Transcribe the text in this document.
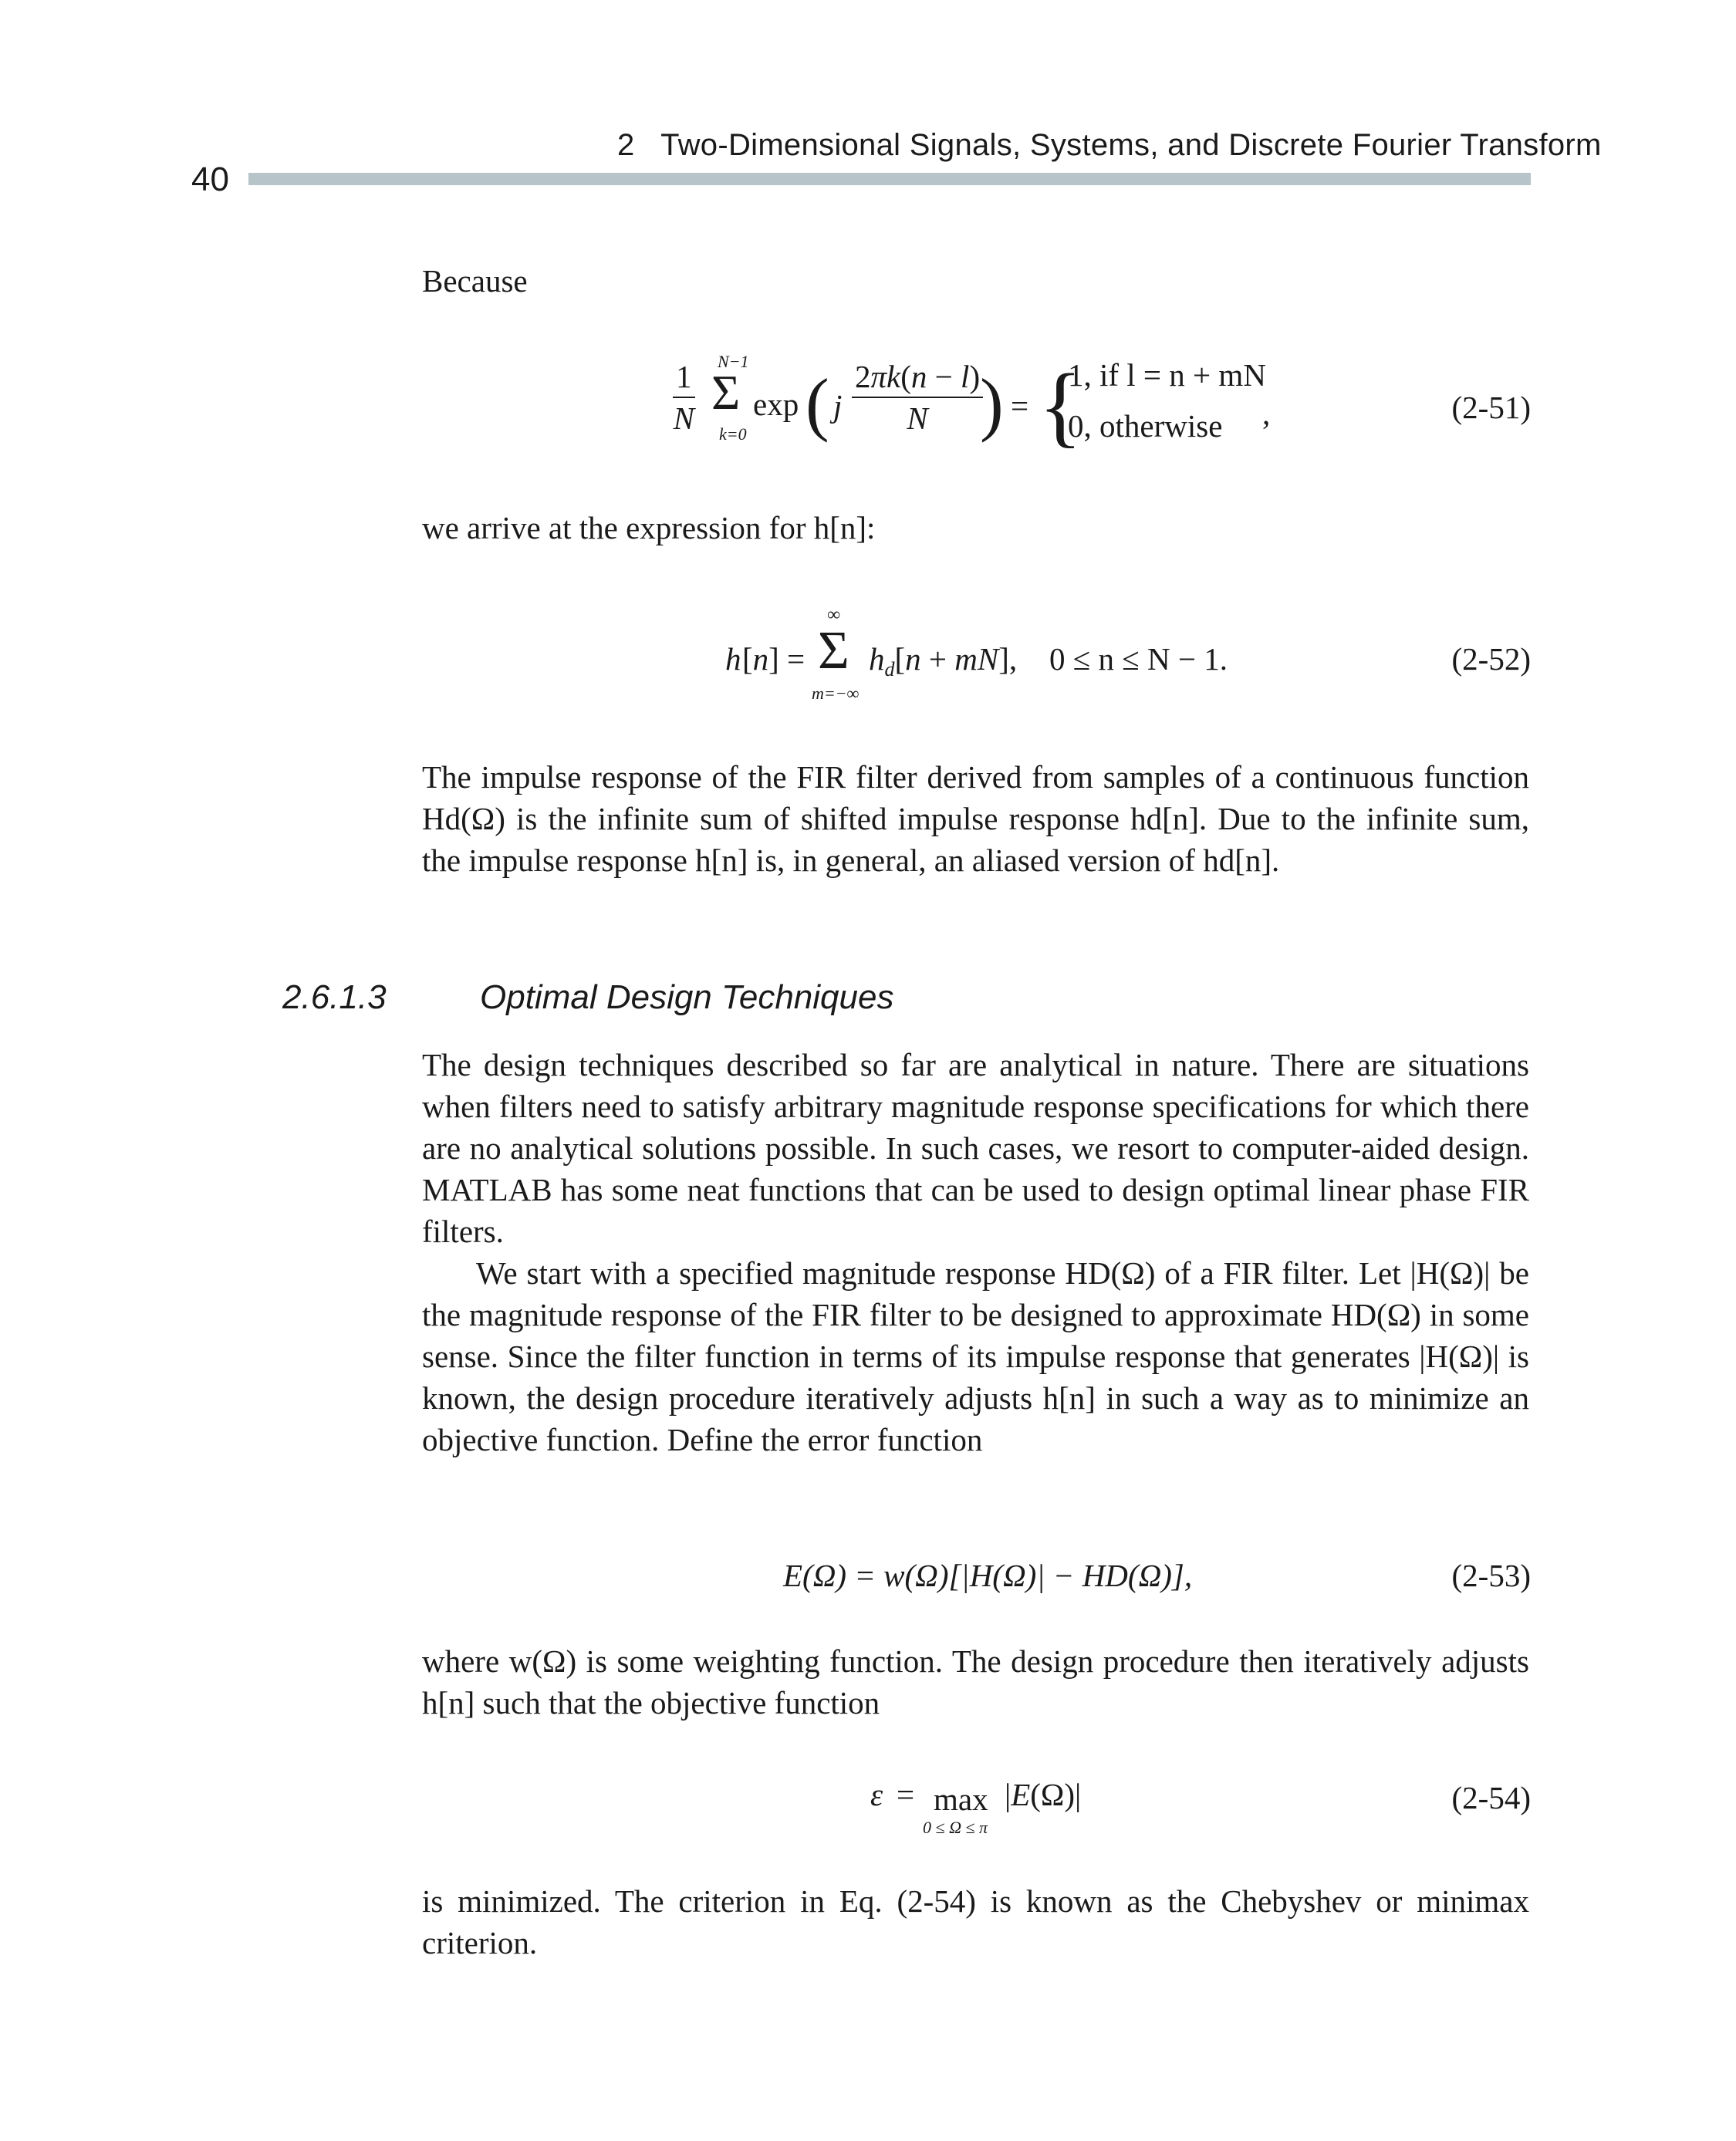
2   Two-Dimensional Signals, Systems, and Discrete Fourier Transform
40
Because
$\frac{1}{N} N-1$
Σ
k=0
exp ( j $\frac{2\pi k(n - l)}{N}$
) = {
1, if l = n + mN
0, otherwise ,	(2-51)
we arrive at the expression for h[n]:
h [n] =
∞
Σ
m=−∞
$h_d[n + mN]$, 0 ≤ n ≤ N − 1.	(2-52)
The impulse response of the FIR filter derived from samples of a continuous function Hd(Ω) is the infinite sum of shifted impulse response hd[n]. Due to the infinite sum, the impulse response h[n] is, in general, an aliased version of hd[n].
2.6.1.3	Optimal Design Techniques
The design techniques described so far are analytical in nature. There are situations when filters need to satisfy arbitrary magnitude response specifications for which there are no analytical solutions possible. In such cases, we resort to computer-aided design. MATLAB has some neat functions that can be used to design optimal linear phase FIR filters.
We start with a specified magnitude response HD(Ω) of a FIR filter. Let |H(Ω)| be the magnitude response of the FIR filter to be designed to approximate HD(Ω) in some sense. Since the filter function in terms of its impulse response that generates |H(Ω)| is known, the design procedure iteratively adjusts h[n] in such a way as to minimize an objective function. Define the error function
E(Ω) = w(Ω)[|H(Ω)| − HD(Ω)],	(2-53)
where w(Ω) is some weighting function. The design procedure then iteratively adjusts h[n] such that the objective function
ε = max
0 ≤ Ω ≤ π
|E(Ω)|	(2-54)
is minimized. The criterion in Eq. (2-54) is known as the Chebyshev or minimax criterion.
